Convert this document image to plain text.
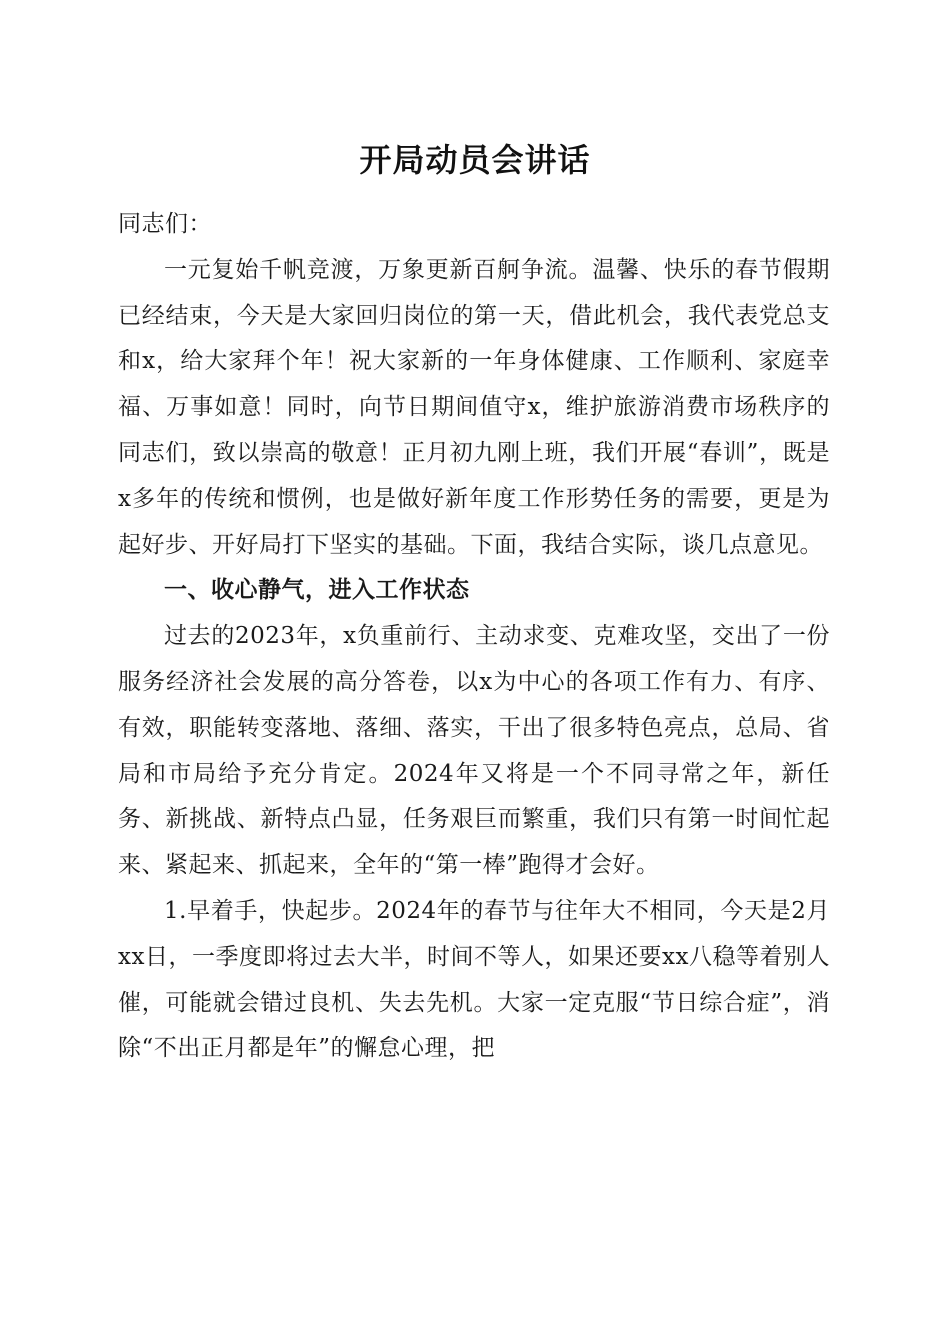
开局动员会讲话

同志们：

一元复始千帆竞渡，万象更新百舸争流。温馨、快乐的春节假期已经结束，今天是大家回归岗位的第一天，借此机会，我代表党总支和x，给大家拜个年！祝大家新的一年身体健康、工作顺利、家庭幸福、万事如意！同时，向节日期间值守x，维护旅游消费市场秩序的同志们，致以崇高的敬意！正月初九刚上班，我们开展“春训”，既是x多年的传统和惯例，也是做好新年度工作形势任务的需要，更是为起好步、开好局打下坚实的基础。下面，我结合实际，谈几点意见。

一、收心静气，进入工作状态

过去的2023年，x负重前行、主动求变、克难攻坚，交出了一份服务经济社会发展的高分答卷，以x为中心的各项工作有力、有序、有效，职能转变落地、落细、落实，干出了很多特色亮点，总局、省局和市局给予充分肯定。2024年又将是一个不同寻常之年，新任务、新挑战、新特点凸显，任务艰巨而繁重，我们只有第一时间忙起来、紧起来、抓起来，全年的“第一棒”跑得才会好。

1.早着手，快起步。2024年的春节与往年大不相同，今天是2月xx日，一季度即将过去大半，时间不等人，如果还要xx八稳等着别人催，可能就会错过良机、失去先机。大家一定克服“节日综合症”，消除“不出正月都是年”的懈怠心理，把
